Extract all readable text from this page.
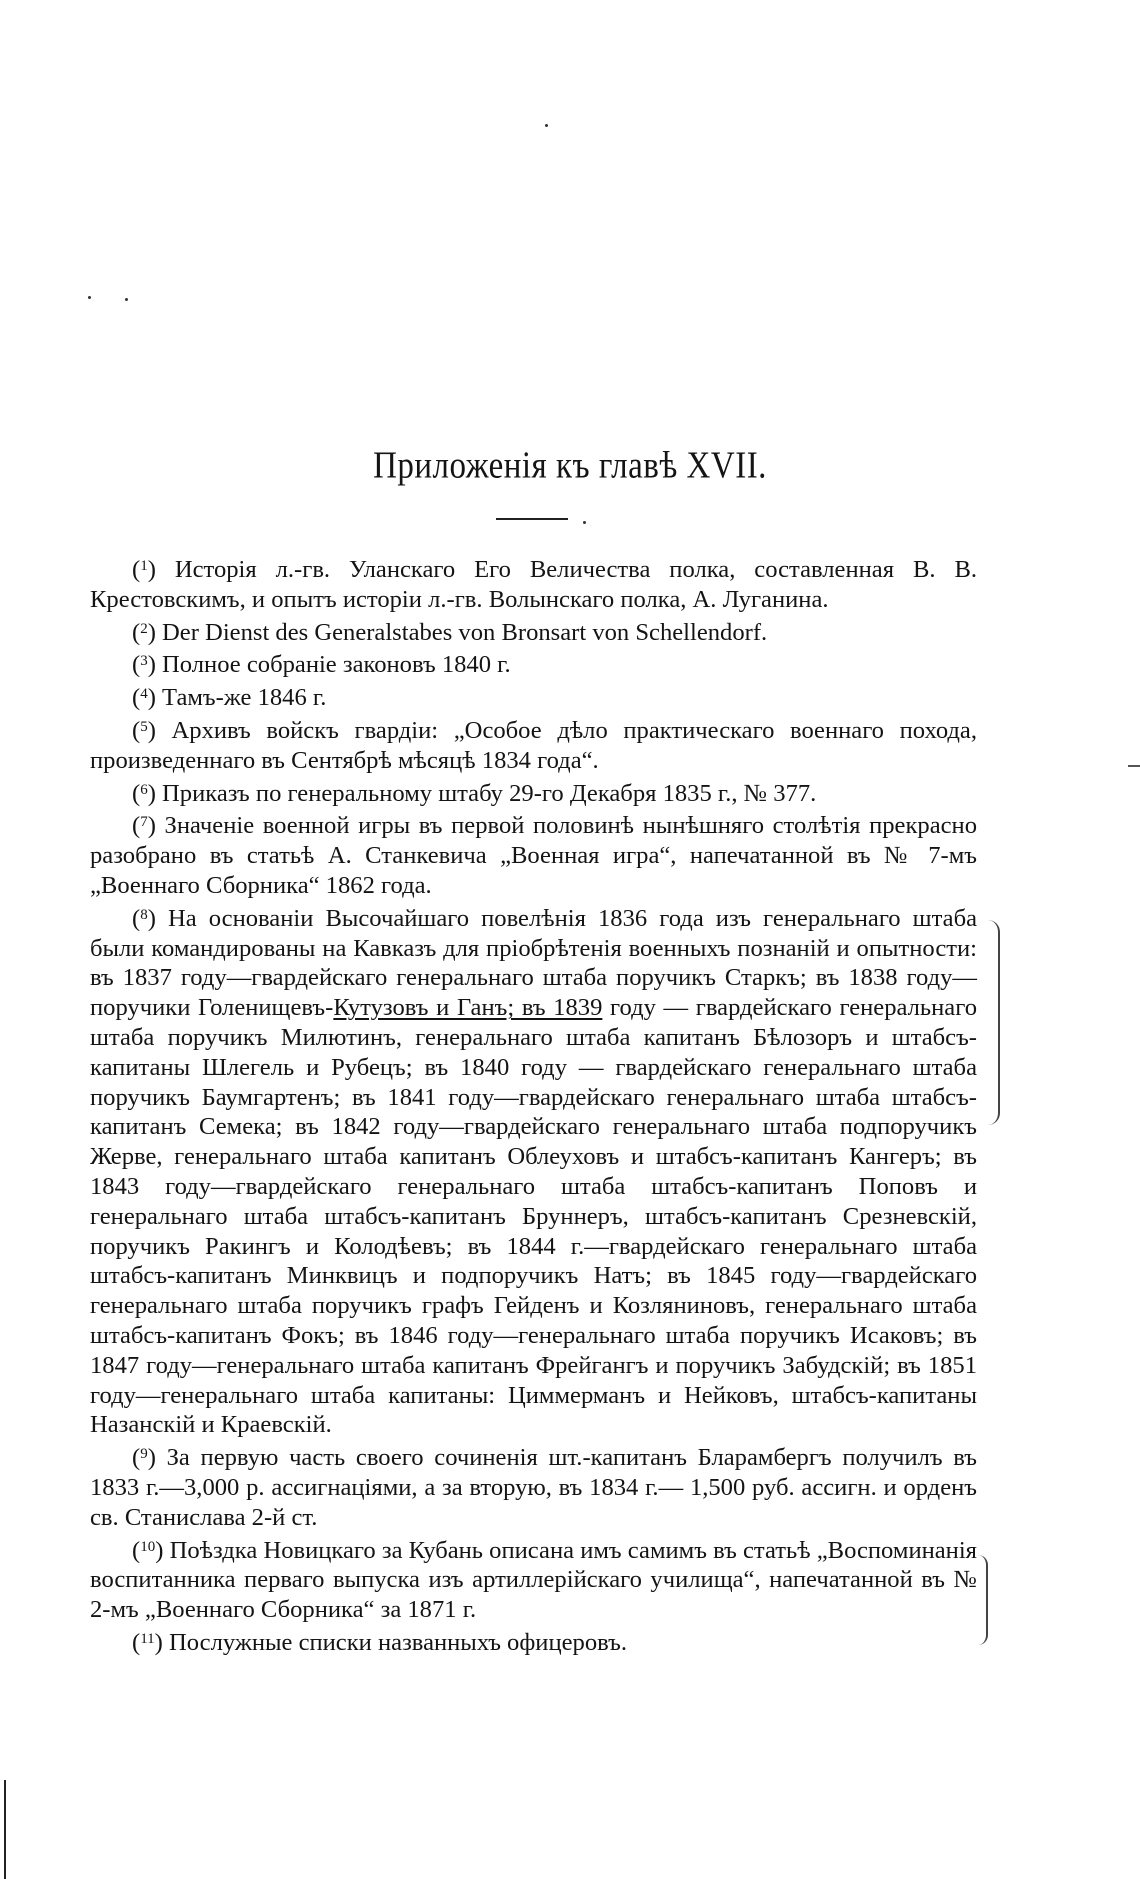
Приложенія къ главѣ XVII.

($^1$) Исторія л.-гв. Уланскаго Его Величества полка, составленная В. В. Крестовскимъ, и опытъ исторіи л.-гв. Волынскаго полка, А. Луганина.

($^2$) Der Dienst des Generalstabes von Bronsart von Schellendorf.

($^3$) Полное собраніе законовъ 1840 г.

($^4$) Тамъ-же 1846 г.

($^5$) Архивъ войскъ гвардіи: „Особое дѣло практическаго военнаго похода, произведеннаго въ Сентябрѣ мѣсяцѣ 1834 года“.

($^6$) Приказъ по генеральному штабу 29-го Декабря 1835 г., № 377.

($^7$) Значеніе военной игры въ первой половинѣ нынѣшняго столѣтія прекрасно разобрано въ статьѣ А. Станкевича „Военная игра“, напечатанной въ № 7-мъ „Военнаго Сборника“ 1862 года.

($^8$) На основаніи Высочайшаго повелѣнія 1836 года изъ генеральнаго штаба были командированы на Кавказъ для пріобрѣтенія военныхъ познаній и опытности: въ 1837 году—гвардейскаго генеральнаго штаба поручикъ Старкъ; въ 1838 году—поручики Голенищевъ-Кутузовъ и Ганъ; въ 1839 году — гвардейскаго генеральнаго штаба поручикъ Милютинъ, генеральнаго штаба капитанъ Бѣлозоръ и штабсъ-капитаны Шлегель и Рубецъ; въ 1840 году — гвардейскаго генеральнаго штаба поручикъ Баумгартенъ; въ 1841 году—гвардейскаго генеральнаго штаба штабсъ-капитанъ Семека; въ 1842 году—гвардейскаго генеральнаго штаба подпоручикъ Жерве, генеральнаго штаба капитанъ Облеуховъ и штабсъ-капитанъ Кангеръ; въ 1843 году—гвардейскаго генеральнаго штаба штабсъ-капитанъ Поповъ и генеральнаго штаба штабсъ-капитанъ Бруннеръ, штабсъ-капитанъ Срезневскій, поручикъ Ракингъ и Колодѣевъ; въ 1844 г.—гвардейскаго генеральнаго штаба штабсъ-капитанъ Минквицъ и подпоручикъ Натъ; въ 1845 году—гвардейскаго генеральнаго штаба поручикъ графъ Гейденъ и Козляниновъ, генеральнаго штаба штабсъ-капитанъ Фокъ; въ 1846 году—генеральнаго штаба поручикъ Исаковъ; въ 1847 году—генеральнаго штаба капитанъ Фрейгангъ и поручикъ Забудскій; въ 1851 году—генеральнаго штаба капитаны: Циммерманъ и Нейковъ, штабсъ-капитаны Назанскій и Краевскій.

($^9$) За первую часть своего сочиненія шт.-капитанъ Бларамбергъ получилъ въ 1833 г.—3,000 р. ассигнаціями, а за вторую, въ 1834 г.— 1,500 руб. ассигн. и орденъ св. Станислава 2-й ст.

($^{10}$) Поѣздка Новицкаго за Кубань описана имъ самимъ въ статьѣ „Воспоминанія воспитанника перваго выпуска изъ артиллерійскаго училища“, напечатанной въ № 2-мъ „Военнаго Сборника“ за 1871 г.

($^{11}$) Послужные списки названныхъ офицеровъ.
